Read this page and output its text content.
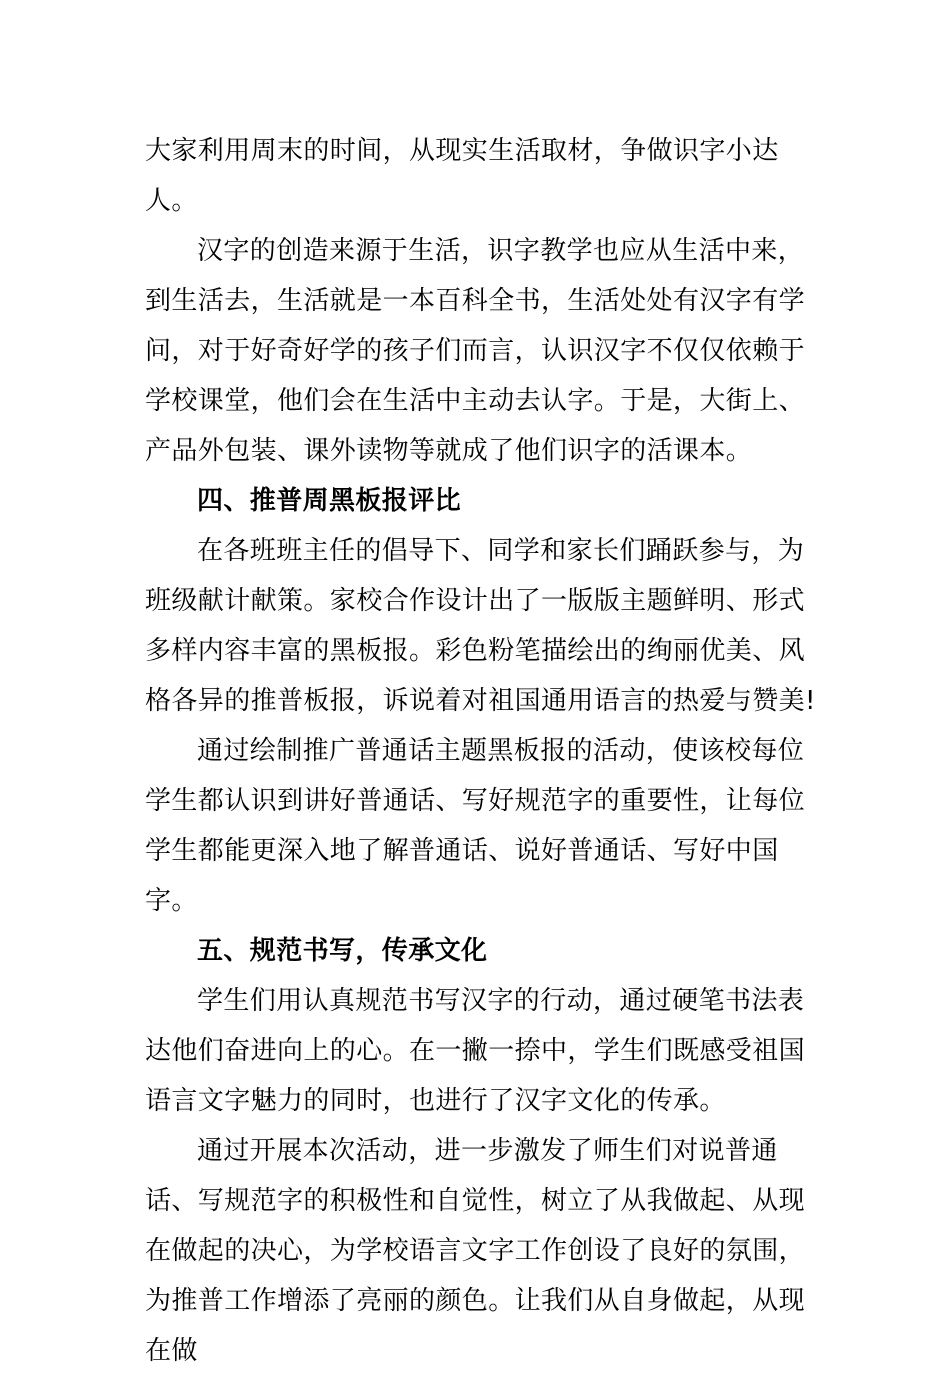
大家利用周末的时间，从现实生活取材，争做识字小达人。

汉字的创造来源于生活，识字教学也应从生活中来，到生活去，生活就是一本百科全书，生活处处有汉字有学问，对于好奇好学的孩子们而言，认识汉字不仅仅依赖于学校课堂，他们会在生活中主动去认字。于是，大街上、产品外包装、课外读物等就成了他们识字的活课本。

四、推普周黑板报评比

在各班班主任的倡导下、同学和家长们踊跃参与，为班级献计献策。家校合作设计出了一版版主题鲜明、形式多样内容丰富的黑板报。彩色粉笔描绘出的绚丽优美、风格各异的推普板报，诉说着对祖国通用语言的热爱与赞美!

通过绘制推广普通话主题黑板报的活动，使该校每位学生都认识到讲好普通话、写好规范字的重要性，让每位学生都能更深入地了解普通话、说好普通话、写好中国字。

五、规范书写，传承文化

学生们用认真规范书写汉字的行动，通过硬笔书法表达他们奋进向上的心。在一撇一捺中，学生们既感受祖国语言文字魅力的同时，也进行了汉字文化的传承。

通过开展本次活动，进一步激发了师生们对说普通话、写规范字的积极性和自觉性，树立了从我做起、从现在做起的决心，为学校语言文字工作创设了良好的氛围，为推普工作增添了亮丽的颜色。让我们从自身做起，从现在做
